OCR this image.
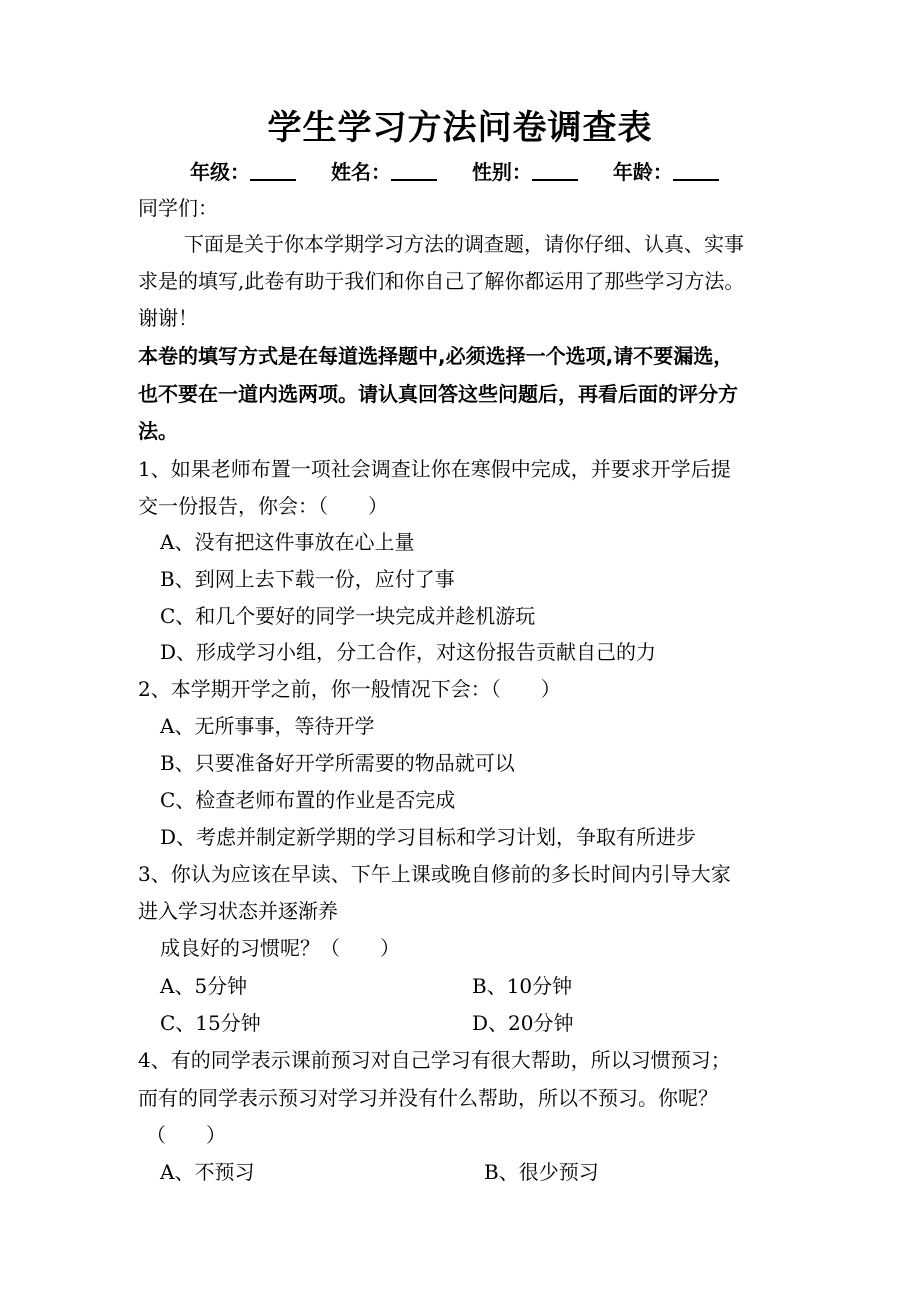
学生学习方法问卷调查表
年级：	姓名：	性别：	年龄：
同学们：
下面是关于你本学期学习方法的调查题，请你仔细、认真、实事
求是的填写,此卷有助于我们和你自己了解你都运用了那些学习方法。
谢谢！
本卷的填写方式是在每道选择题中,必须选择一个选项,请不要漏选，
也不要在一道内选两项。请认真回答这些问题后，再看后面的评分方
法。
1、如果老师布置一项社会调查让你在寒假中完成，并要求开学后提
交一份报告，你会：（　　）
A、没有把这件事放在心上量
B、到网上去下载一份，应付了事
C、和几个要好的同学一块完成并趁机游玩
D、形成学习小组，分工合作，对这份报告贡献自己的力
2、本学期开学之前，你一般情况下会：（　　）
A、无所事事，等待开学
B、只要准备好开学所需要的物品就可以
C、检查老师布置的作业是否完成
D、考虑并制定新学期的学习目标和学习计划，争取有所进步
3、你认为应该在早读、下午上课或晚自修前的多长时间内引导大家
进入学习状态并逐渐养
成良好的习惯呢？（　　）
A、5分钟	B、10分钟
C、15分钟	D、20分钟
4、有的同学表示课前预习对自己学习有很大帮助，所以习惯预习；
而有的同学表示预习对学习并没有什么帮助，所以不预习。你呢？
（　　）
A、不预习	B、很少预习
